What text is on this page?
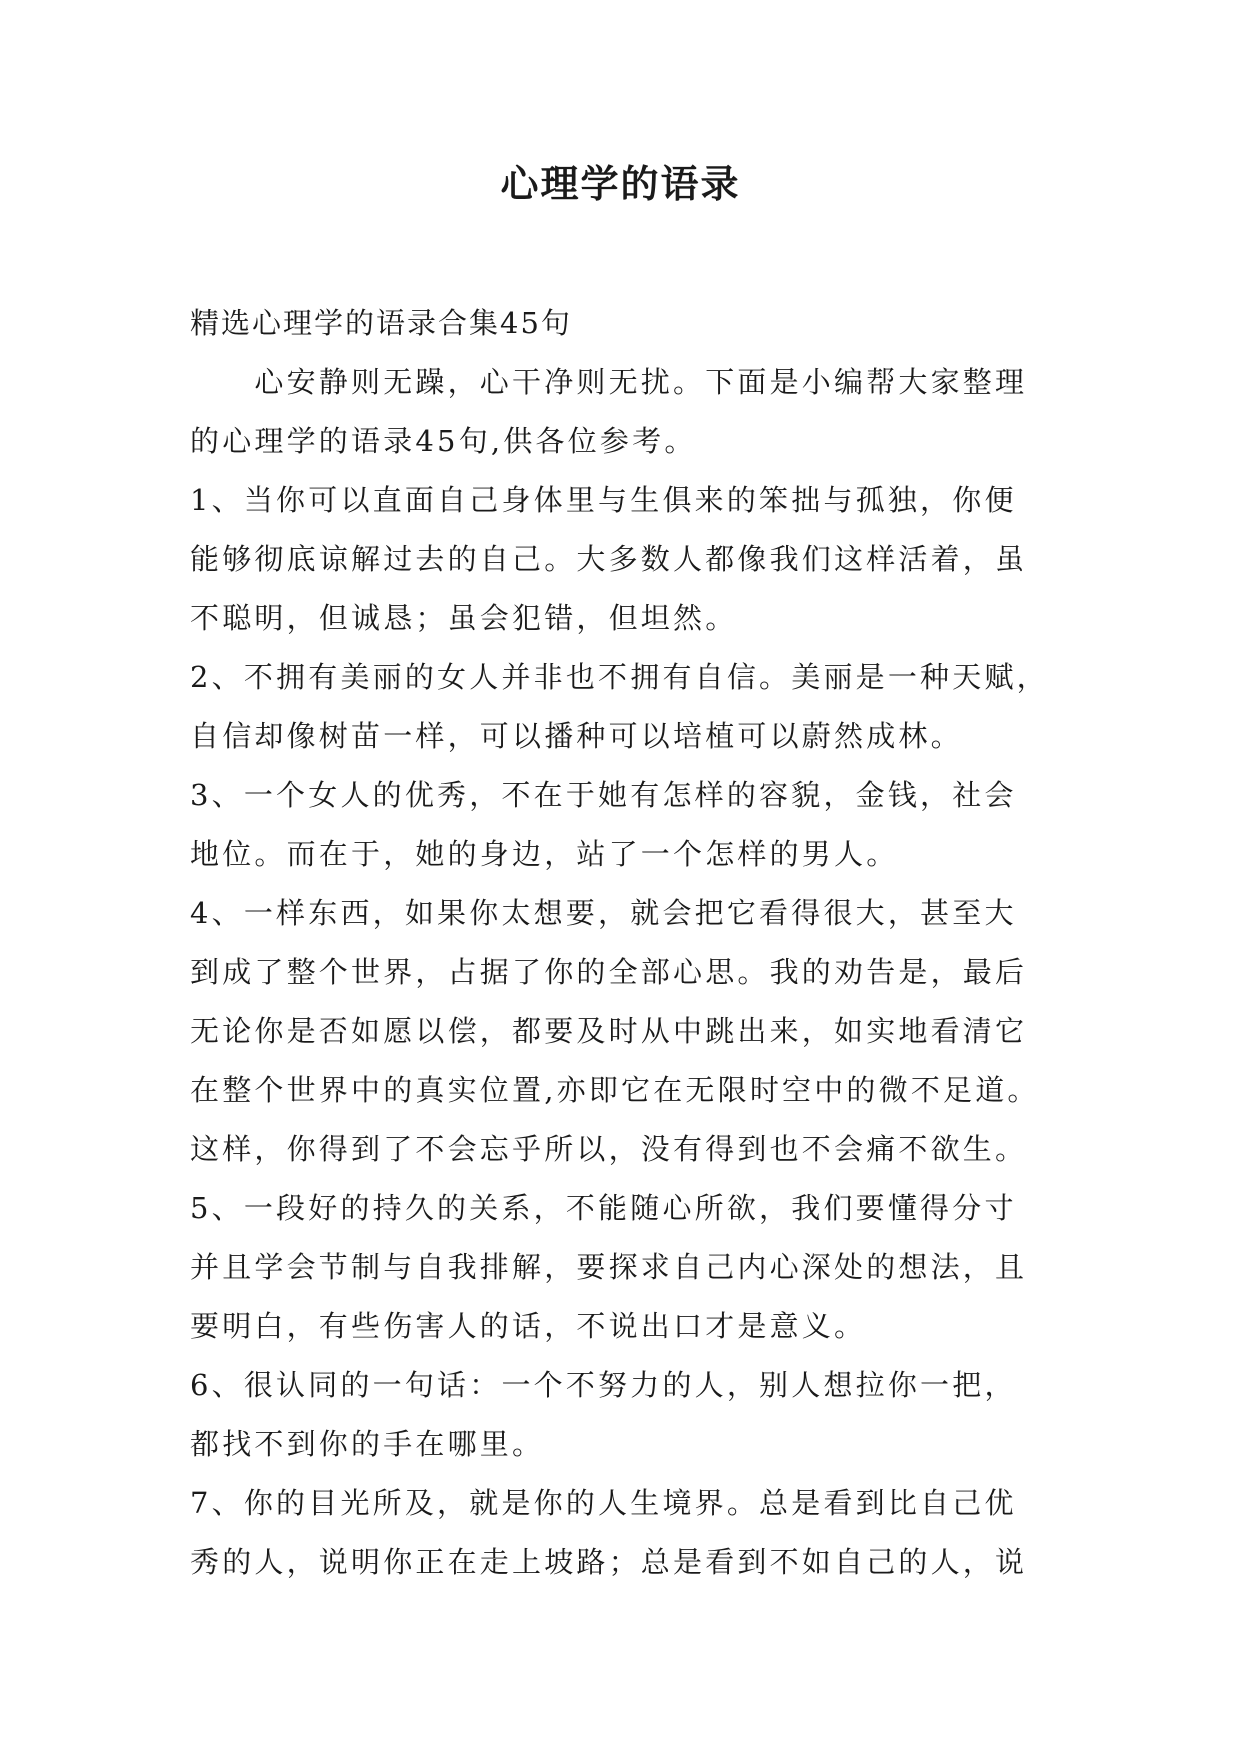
心理学的语录
精选心理学的语录合集45句
　　心安静则无躁，心干净则无扰。下面是小编帮大家整理
的心理学的语录45句,供各位参考。
1、当你可以直面自己身体里与生俱来的笨拙与孤独，你便
能够彻底谅解过去的自己。大多数人都像我们这样活着，虽
不聪明，但诚恳；虽会犯错，但坦然。
2、不拥有美丽的女人并非也不拥有自信。美丽是一种天赋，
自信却像树苗一样，可以播种可以培植可以蔚然成林。
3、一个女人的优秀，不在于她有怎样的容貌，金钱，社会
地位。而在于，她的身边，站了一个怎样的男人。
4、一样东西，如果你太想要，就会把它看得很大，甚至大
到成了整个世界，占据了你的全部心思。我的劝告是，最后
无论你是否如愿以偿，都要及时从中跳出来，如实地看清它
在整个世界中的真实位置,亦即它在无限时空中的微不足道。
这样，你得到了不会忘乎所以，没有得到也不会痛不欲生。
5、一段好的持久的关系，不能随心所欲，我们要懂得分寸
并且学会节制与自我排解，要探求自己内心深处的想法，且
要明白，有些伤害人的话，不说出口才是意义。
6、很认同的一句话：一个不努力的人，别人想拉你一把，
都找不到你的手在哪里。
7、你的目光所及，就是你的人生境界。总是看到比自己优
秀的人，说明你正在走上坡路；总是看到不如自己的人，说
